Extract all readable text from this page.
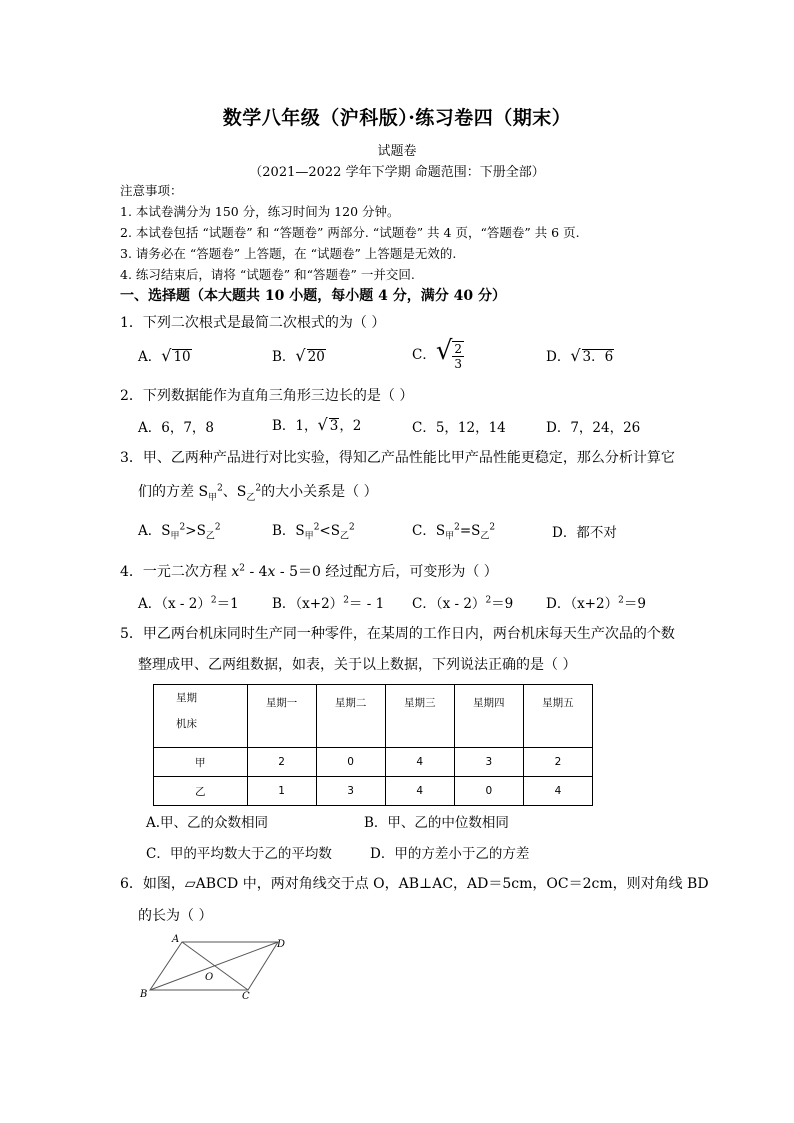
数学八年级（沪科版）·练习卷四（期末）
试题卷
（2021—2022 学年下学期 命题范围：下册全部）
注意事项：
1. 本试卷满分为 150 分，练习时间为 120 分钟。
2. 本试卷包括 “试题卷” 和 “答题卷” 两部分. “试题卷” 共 4 页，“答题卷” 共 6 页.
3. 请务必在 “答题卷” 上答题，在 “试题卷” 上答题是无效的.
4. 练习结束后，请将 “试题卷” 和“答题卷” 一并交回.
一、选择题（本大题共 10 小题，每小题 4 分，满分 40 分）
1．下列二次根式是最简二次根式的为（ ）
A．√ 10	B．√ 20	C．√ $\frac{2}{3}$	D．√ 3．6
2．下列数据能作为直角三角形三边长的是（ ）
A．6，7，8	B．1，√ 3，2	C．5，12，14	D．7，24，26
3．甲、乙两种产品进行对比实验，得知乙产品性能比甲产品性能更稳定，那么分析计算它
们的方差 $S_甲^2$、$S_乙^2$的大小关系是（ ）
A．$S_甲^2>S_乙^2$	B．$S_甲^2<S_乙^2$	C．$S_甲^2=S_乙^2$	D．都不对
4．一元二次方程 $x^2 - 4x - 5=0$ 经过配方后，可变形为（ ）
A．（x - 2）$^2$＝1 B．$(x+2)^2= - 1$ C．（x - 2）$^2$＝9 D．$(x+2)^2=9$
5．甲乙两台机床同时生产同一种零件，在某周的工作日内，两台机床每天生产次品的个数
整理成甲、乙两组数据，如表，关于以上数据，下列说法正确的是（ ）
星期
机床	星期一	星期二	星期三	星期四	星期五
甲	2	0	4	3	2
乙	1	3	4	0	4
A.甲、乙的众数相同	B．甲、乙的中位数相同
C．甲的平均数大于乙的平均数	D．甲的方差小于乙的方差
6．如图，▱ABCD 中，两对角线交于点 O，AB⊥AC，AD＝5cm，OC＝2cm，则对角线 BD
的长为（ ）
A	D
B	C
O
